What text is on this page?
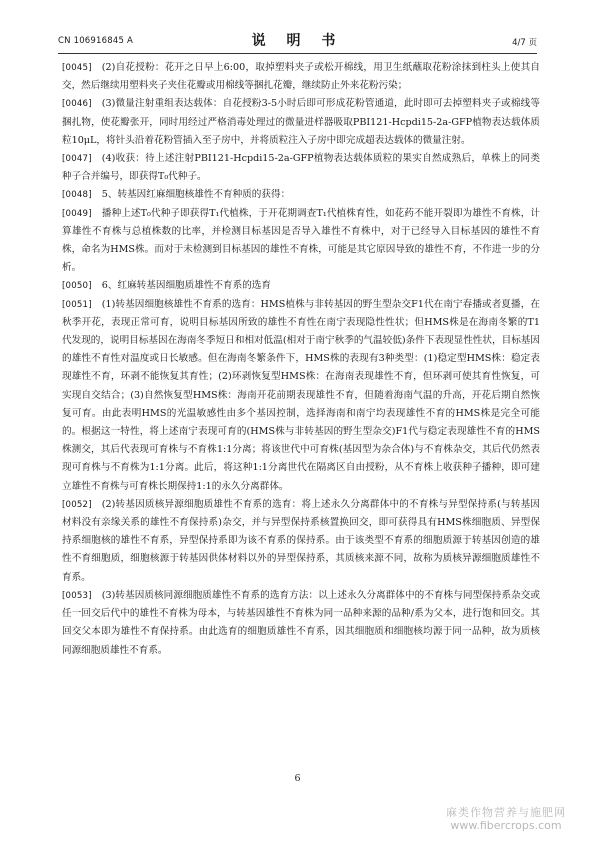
CN 106916845 A	说 明 书	4/7 页

[0045] (2)自花授粉：花开之日早上6:00，取掉塑料夹子或松开棉线，用卫生纸蘸取花粉涂抹到柱头上使其自交，然后继续用塑料夹子夹住花瓣或用棉线等捆扎花瓣，继续防止外来花粉污染；

[0046] (3)微量注射重组表达载体：自花授粉3-5小时后即可形成花粉管通道，此时即可去掉塑料夹子或棉线等捆扎物，使花瓣张开，同时用经过严格消毒处理过的微量进样器吸取PBI121-Hcpdi15-2a-GFP植物表达载体质粒10μL，将针头沿着花粉管插入至子房中，并将质粒注入子房中即完成超表达载体的微量注射。

[0047] (4)收获：待上述注射PBI121-Hcpdi15-2a-GFP植物表达载体质粒的果实自然成熟后，单株上的同类种子合并编号，即获得T₀代种子。

[0048] 5、转基因红麻细胞核雄性不育种质的获得：

[0049] 播种上述T₀代种子即获得T₁代植株，于开花期调查T₁代植株育性，如花药不能开裂即为雄性不育株，计算雄性不育株与总植株数的比率，并检测目标基因是否导入雄性不育株中，对于已经导入目标基因的雄性不育株，命名为HMS株。而对于未检测到目标基因的雄性不育株，可能是其它原因导致的雄性不育，不作进一步的分析。

[0050] 6、红麻转基因细胞质雄性不育系的选育

[0051] (1)转基因细胞核雄性不育系的选育：HMS植株与非转基因的野生型杂交F1代在南宁春播或者夏播，在秋季开花，表现正常可育，说明目标基因所致的雄性不育性在南宁表现隐性性状；但HMS株是在海南冬繁的T1代发现的，说明目标基因在海南冬季短日和相对低温(相对于南宁秋季的气温较低)条件下表现显性性状，目标基因的雄性不育性对温度或日长敏感。但在海南冬繁条件下，HMS株的表现有3种类型：(1)稳定型HMS株：稳定表现雄性不育，环剥不能恢复其育性；(2)环剥恢复型HMS株：在海南表现雄性不育，但环剥可使其育性恢复，可实现自交结合；(3)自然恢复型HMS株：海南开花前期表现雄性不育，但随着海南气温的升高，开花后期自然恢复可育。由此表明HMS的光温敏感性由多个基因控制，选择海南和南宁均表现雄性不育的HMS株是完全可能的。根据这一特性，将上述南宁表现可育的(HMS株与非转基因的野生型杂交)F1代与稳定表现雄性不育的HMS株测交，其后代表现可育株与不育株1:1分离；将该世代中可育株(基因型为杂合体)与不育株杂交，其后代仍然表现可育株与不育株为1:1分离。此后，将这种1:1分离世代在隔离区自由授粉，从不育株上收获种子播种，即可建立雄性不育株与可育株长期保持1:1的永久分离群体。

[0052] (2)转基因质核异源细胞质雄性不育系的选育：将上述永久分离群体中的不育株与异型保持系(与转基因材料没有亲缘关系的雄性不育保持系)杂交，并与异型保持系核置换回交，即可获得具有HMS株细胞质、异型保持系细胞核的雄性不育系，异型保持系即为该不育系的保持系。由于该类型不育系的细胞质源于转基因创造的雄性不育细胞质，细胞核源于转基因供体材料以外的异型保持系，其质核来源不同，故称为质核异源细胞质雄性不育系。

[0053] (3)转基因质核同源细胞质雄性不育系的选育方法：以上述永久分离群体中的不育株与同型保持系杂交或任一回交后代中的雄性不育株为母本，与转基因雄性不育株为同一品种来源的品种/系为父本，进行饱和回交。其回交父本即为雄性不育保持系。由此选育的细胞质雄性不育系，因其细胞质和细胞核均源于同一品种，故为质核同源细胞质雄性不育系。

6
麻类作物营养与施肥网
www.fibercrops.com
